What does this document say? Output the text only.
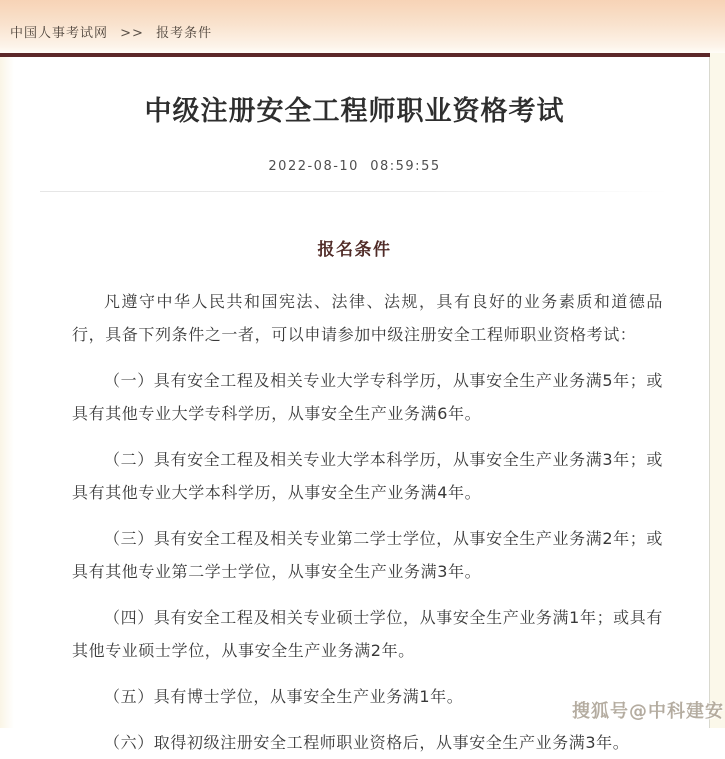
中国人事考试网 >> 报考条件
中级注册安全工程师职业资格考试
2022-08-10  08:59:55
报名条件

凡遵守中华人民共和国宪法、法律、法规，具有良好的业务素质和道德品行，具备下列条件之一者，可以申请参加中级注册安全工程师职业资格考试：

（一）具有安全工程及相关专业大学专科学历，从事安全生产业务满5年；或具有其他专业大学专科学历，从事安全生产业务满6年。

（二）具有安全工程及相关专业大学本科学历，从事安全生产业务满3年；或具有其他专业大学本科学历，从事安全生产业务满4年。

（三）具有安全工程及相关专业第二学士学位，从事安全生产业务满2年；或具有其他专业第二学士学位，从事安全生产业务满3年。

（四）具有安全工程及相关专业硕士学位，从事安全生产业务满1年；或具有其他专业硕士学位，从事安全生产业务满2年。

（五）具有博士学位，从事安全生产业务满1年。

（六）取得初级注册安全工程师职业资格后，从事安全生产业务满3年。

搜狐号@中科建安
